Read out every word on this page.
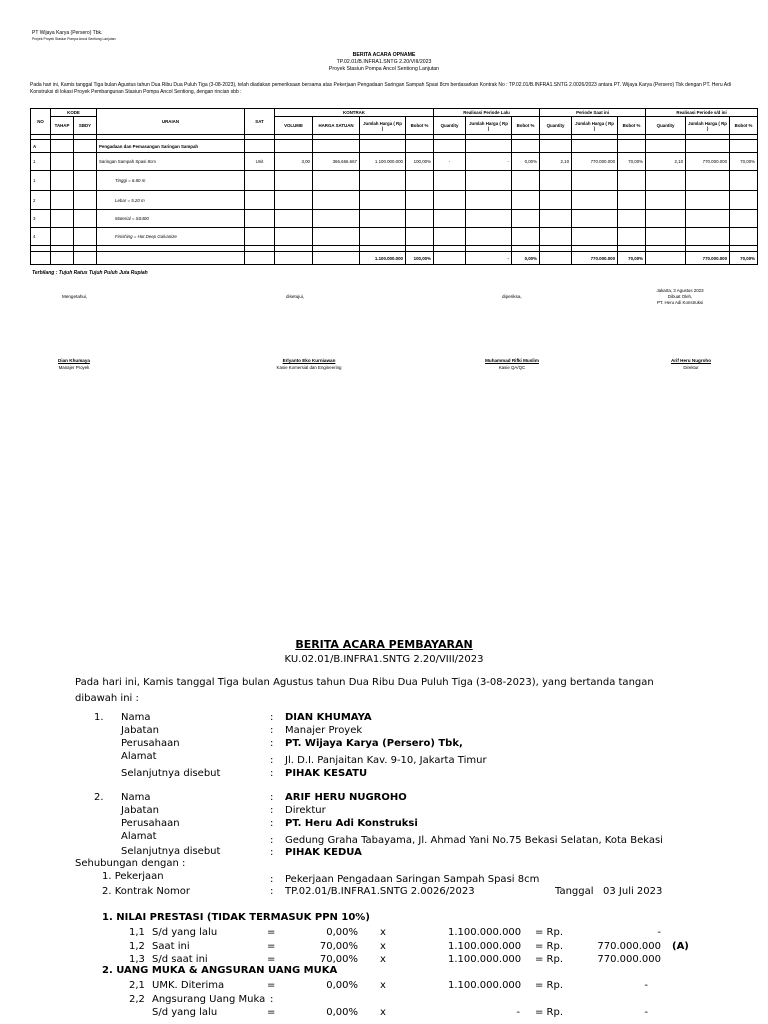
PT Wijaya Karya (Persero) Tbk.
Proyek Proyek Stasiun Pompa Ancol Sentiong Lanjutan
BERITA ACARA OPNAME
TP.02.01/B.INFRA1.SNTG 2.20/VIII/2023
Proyek Stasiun Pompa Ancol Sentiong Lanjutan
Pada hari ini, Kamis tanggal Tiga bulan Agustus tahun Dua Ribu Dua Puluh Tiga (3-08-2023), telah diadakan pemeriksaan bersama atas Pekerjaan Pengadaan Saringan Sampah Spasi 8cm berdasarkan Kontrak No : TP.02.01/B.INFRA1.SNTG 2.0026/2023 antara PT. Wijaya Karya (Persero) Tbk dengan PT. Heru Adi Konstruksi di lokasi Proyek Pembangunan Stasiun Pompa Ancol Sentiong, dengan rincian sbb :
NO	KODE		URAIAN	SAT	KONTRAK				Realisasi Periode Lalu			Periode Saat ini			Realisasi Periode s/d ini		
	TAHAP	SBDY			VOLUME	HARGA SATUAN	Jumlah Harga ( Rp )	Bobot %	Quantity	Jumlah Harga ( Rp )	Bobot %	Quantity	Jumlah Harga ( Rp )	Bobot %	Quantity	Jumlah Harga ( Rp )	Bobot %

A			Pengadaan dan Pemasangan Saringan Sampah														
1			Saringan Sampah Spasi 8cm	Unit	3,00	366.666.667	1.100.000.000	100,00%	-	-	0,00%	2,10	770.000.000	70,00%	2,10	770.000.000	70,00%
1			Tinggi = 6.80 m														
2			Lebar = 5.20 m														
3			Material = SS400														
4			Finishing = Hot Deep Galvanize														

							1.100.000.000	100,00%		-	0,00%		770.000.000	70,00%		770.000.000	70,00%
Terbilang : Tujuh Ratus Tujuh Puluh Juta Rupiah
Mengetahui,	disetujui,	diperiksa,
Jakarta, 3 Agustus 2023
Dibuat Oleh,
PT. Heru Adi Konstruksi
Dian Khumaya
Manajer Proyek
Erlyanto Eko Kurniawan
Kasie Komersial dan Engineering
Muhammad Rifki Muslim
Kasie QA/QC
Arif Heru Nugroho
Direktur
BERITA ACARA PEMBAYARAN
KU.02.01/B.INFRA1.SNTG 2.20/VIII/2023
Pada hari ini, Kamis tanggal Tiga bulan Agustus tahun Dua Ribu Dua Puluh Tiga (3-08-2023), yang bertanda tangan dibawah ini :
1. Nama	: DIAN KHUMAYA
Jabatan	: Manajer Proyek
Perusahaan	: PT. Wijaya Karya (Persero) Tbk,
Alamat	: Jl. D.I. Panjaitan Kav. 9-10, Jakarta Timur
Selanjutnya disebut	: PIHAK KESATU
2. Nama	: ARIF HERU NUGROHO
Jabatan	: Direktur
Perusahaan	: PT. Heru Adi Konstruksi
Alamat	: Gedung Graha Tabayama, Jl. Ahmad Yani No.75 Bekasi Selatan, Kota Bekasi
Selanjutnya disebut	: PIHAK KEDUA
Sehubungan dengan :
1. Pekerjaan	: Pekerjaan Pengadaan Saringan Sampah Spasi 8cm
2. Kontrak Nomor	: TP.02.01/B.INFRA1.SNTG 2.0026/2023	Tanggal 03 Juli 2023
1. NILAI PRESTASI (TIDAK TERMASUK PPN 10%)
1,1 S/d yang lalu	=	0,00% x	1.100.000.000 = Rp.	-
1,2 Saat ini	=	70,00% x	1.100.000.000 = Rp.	770.000.000 (A)
1,3 S/d saat ini	=	70,00% x	1.100.000.000 = Rp.	770.000.000
2. UANG MUKA & ANGSURAN UANG MUKA
2,1 UMK. Diterima	=	0,00% x	1.100.000.000 = Rp.	-
2,2 Angsurang Uang Muka :
S/d yang lalu	=	0,00% x	- = Rp.	-
